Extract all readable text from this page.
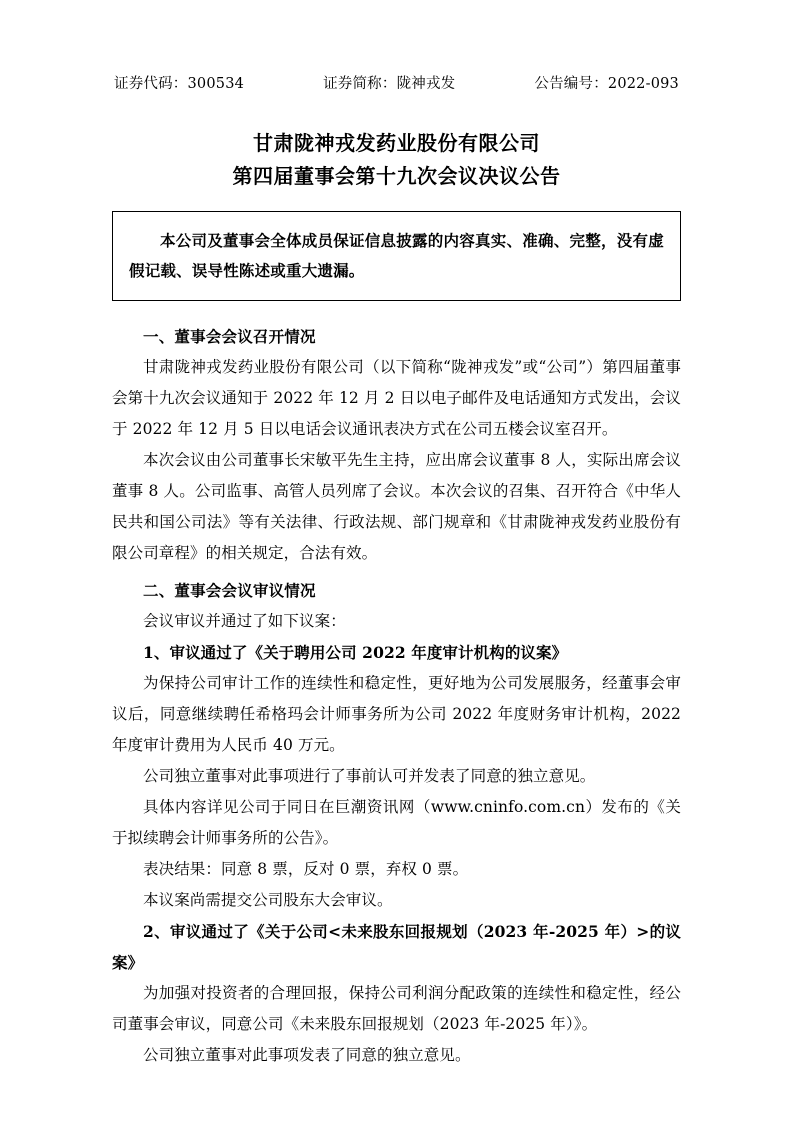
证券代码：300534	证券简称：陇神戎发	公告编号：2022-093
甘肃陇神戎发药业股份有限公司
第四届董事会第十九次会议决议公告

本公司及董事会全体成员保证信息披露的内容真实、准确、完整，没有虚假记载、误导性陈述或重大遗漏。

一、董事会会议召开情况

甘肃陇神戎发药业股份有限公司（以下简称“陇神戎发”或“公司”）第四届董事会第十九次会议通知于 2022 年 12 月 2 日以电子邮件及电话通知方式发出，会议于 2022 年 12 月 5 日以电话会议通讯表决方式在公司五楼会议室召开。

本次会议由公司董事长宋敏平先生主持，应出席会议董事 8 人，实际出席会议董事 8 人。公司监事、高管人员列席了会议。本次会议的召集、召开符合《中华人民共和国公司法》等有关法律、行政法规、部门规章和《甘肃陇神戎发药业股份有限公司章程》的相关规定，合法有效。

二、董事会会议审议情况

会议审议并通过了如下议案：

1、审议通过了《关于聘用公司 2022 年度审计机构的议案》

为保持公司审计工作的连续性和稳定性，更好地为公司发展服务，经董事会审议后，同意继续聘任希格玛会计师事务所为公司 2022 年度财务审计机构，2022 年度审计费用为人民币 40 万元。

公司独立董事对此事项进行了事前认可并发表了同意的独立意见。

具体内容详见公司于同日在巨潮资讯网（www.cninfo.com.cn）发布的《关于拟续聘会计师事务所的公告》。

表决结果：同意 8 票，反对 0 票，弃权 0 票。

本议案尚需提交公司股东大会审议。

2、审议通过了《关于公司<未来股东回报规划（2023 年-2025 年）>的议案》

为加强对投资者的合理回报，保持公司利润分配政策的连续性和稳定性，经公司董事会审议，同意公司《未来股东回报规划（2023 年-2025 年）》。

公司独立董事对此事项发表了同意的独立意见。
